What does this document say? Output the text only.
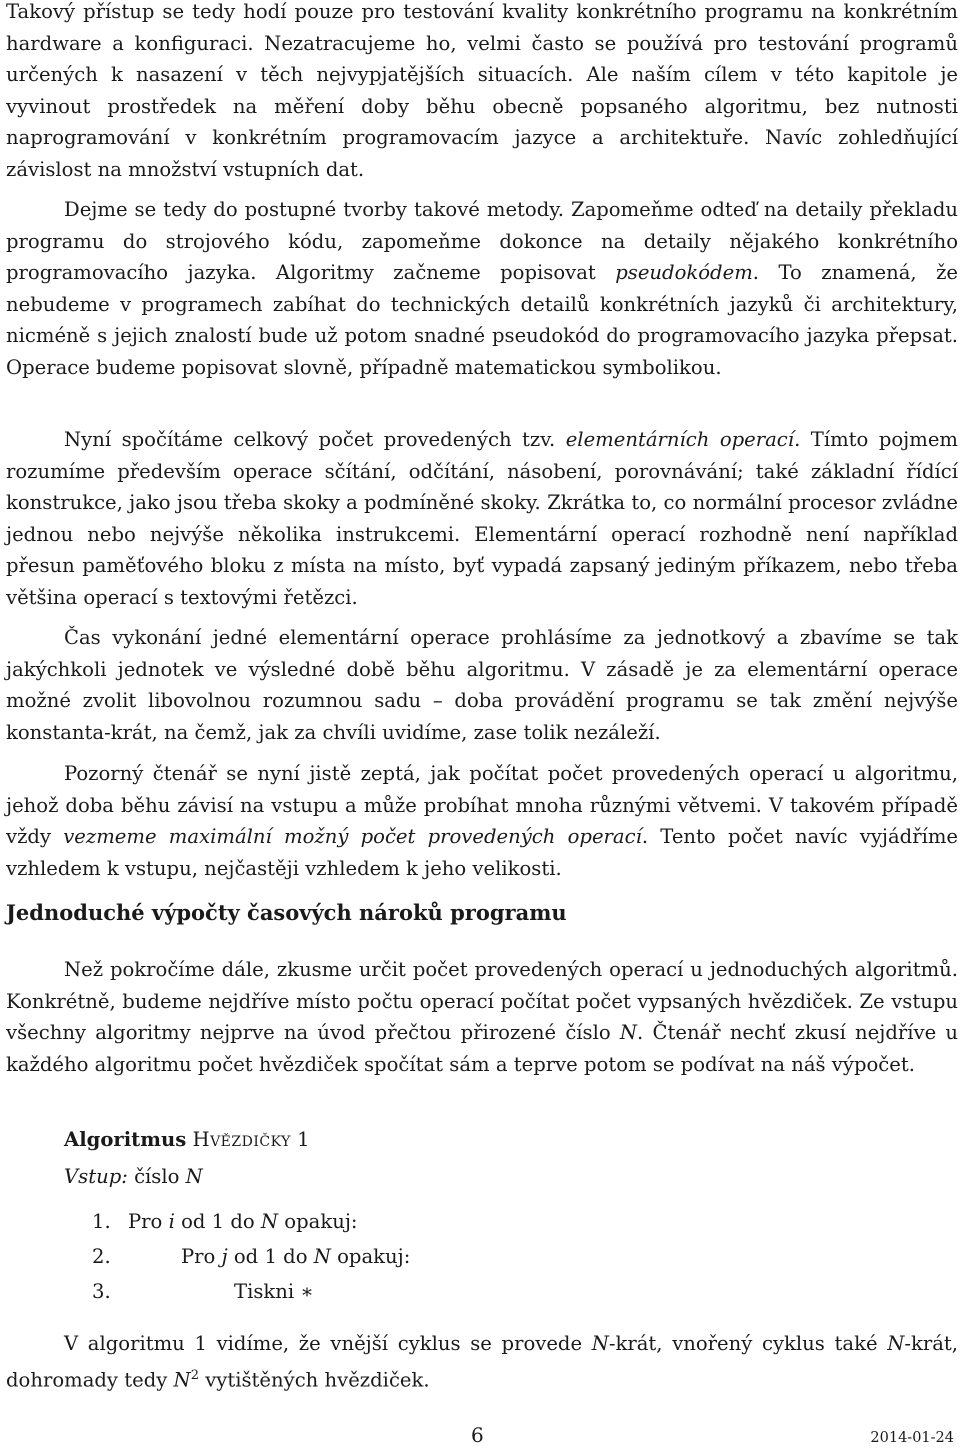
Takový přístup se tedy hodí pouze pro testování kvality konkrétního programu na konkrétním hardware a konfiguraci. Nezatracujeme ho, velmi často se používá pro testování programů určených k nasazení v těch nejvypjatějších situacích. Ale naším cílem v této kapitole je vyvinout prostředek na měření doby běhu obecně popsaného algoritmu, bez nutnosti naprogramování v konkrétním programovacím jazyce a architektuře. Navíc zohledňující závislost na množství vstupních dat.

Dejme se tedy do postupné tvorby takové metody. Zapomeňme odteď na detaily překladu programu do strojového kódu, zapomeňme dokonce na detaily nějakého konkrétního programovacího jazyka. Algoritmy začneme popisovat pseudokódem. To znamená, že nebudeme v programech zabíhat do technických detailů konkrétních jazyků či architektury, nicméně s jejich znalostí bude už potom snadné pseudokód do programovacího jazyka přepsat. Operace budeme popisovat slovně, případně matematickou symbolikou.

Nyní spočítáme celkový počet provedených tzv. elementárních operací. Tímto pojmem rozumíme především operace sčítání, odčítání, násobení, porovnávání; také základní řídící konstrukce, jako jsou třeba skoky a podmíněné skoky. Zkrátka to, co normální procesor zvládne jednou nebo nejvýše několika instrukcemi. Elementární operací rozhodně není například přesun paměťového bloku z místa na místo, byť vypadá zapsaný jediným příkazem, nebo třeba většina operací s textovými řetězci.

Čas vykonání jedné elementární operace prohlásíme za jednotkový a zbavíme se tak jakýchkoli jednotek ve výsledné době běhu algoritmu. V zásadě je za elementární operace možné zvolit libovolnou rozumnou sadu – doba provádění programu se tak změní nejvýše konstanta-krát, na čemž, jak za chvíli uvidíme, zase tolik nezáleží.

Pozorný čtenář se nyní jistě zeptá, jak počítat počet provedených operací u algoritmu, jehož doba běhu závisí na vstupu a může probíhat mnoha různými větvemi. V takovém případě vždy vezmeme maximální možný počet provedených operací. Tento počet navíc vyjádříme vzhledem k vstupu, nejčastěji vzhledem k jeho velikosti.

Jednoduché výpočty časových nároků programu

Než pokročíme dále, zkusme určit počet provedených operací u jednoduchých algoritmů. Konkrétně, budeme nejdříve místo počtu operací počítat počet vypsaných hvězdiček. Ze vstupu všechny algoritmy nejprve na úvod přečtou přirozené číslo N. Čtenář nechť zkusí nejdříve u každého algoritmu počet hvězdiček spočítat sám a teprve potom se podívat na náš výpočet.

Algoritmus Hvězdičky 1
Vstup: číslo N
1. Pro i od 1 do N opakuj:
2.	Pro j od 1 do N opakuj:
3.	Tiskni ∗

V algoritmu 1 vidíme, že vnější cyklus se provede N-krát, vnořený cyklus také N-krát, dohromady tedy $N^2$ vytištěných hvězdiček.

6	2014-01-24
